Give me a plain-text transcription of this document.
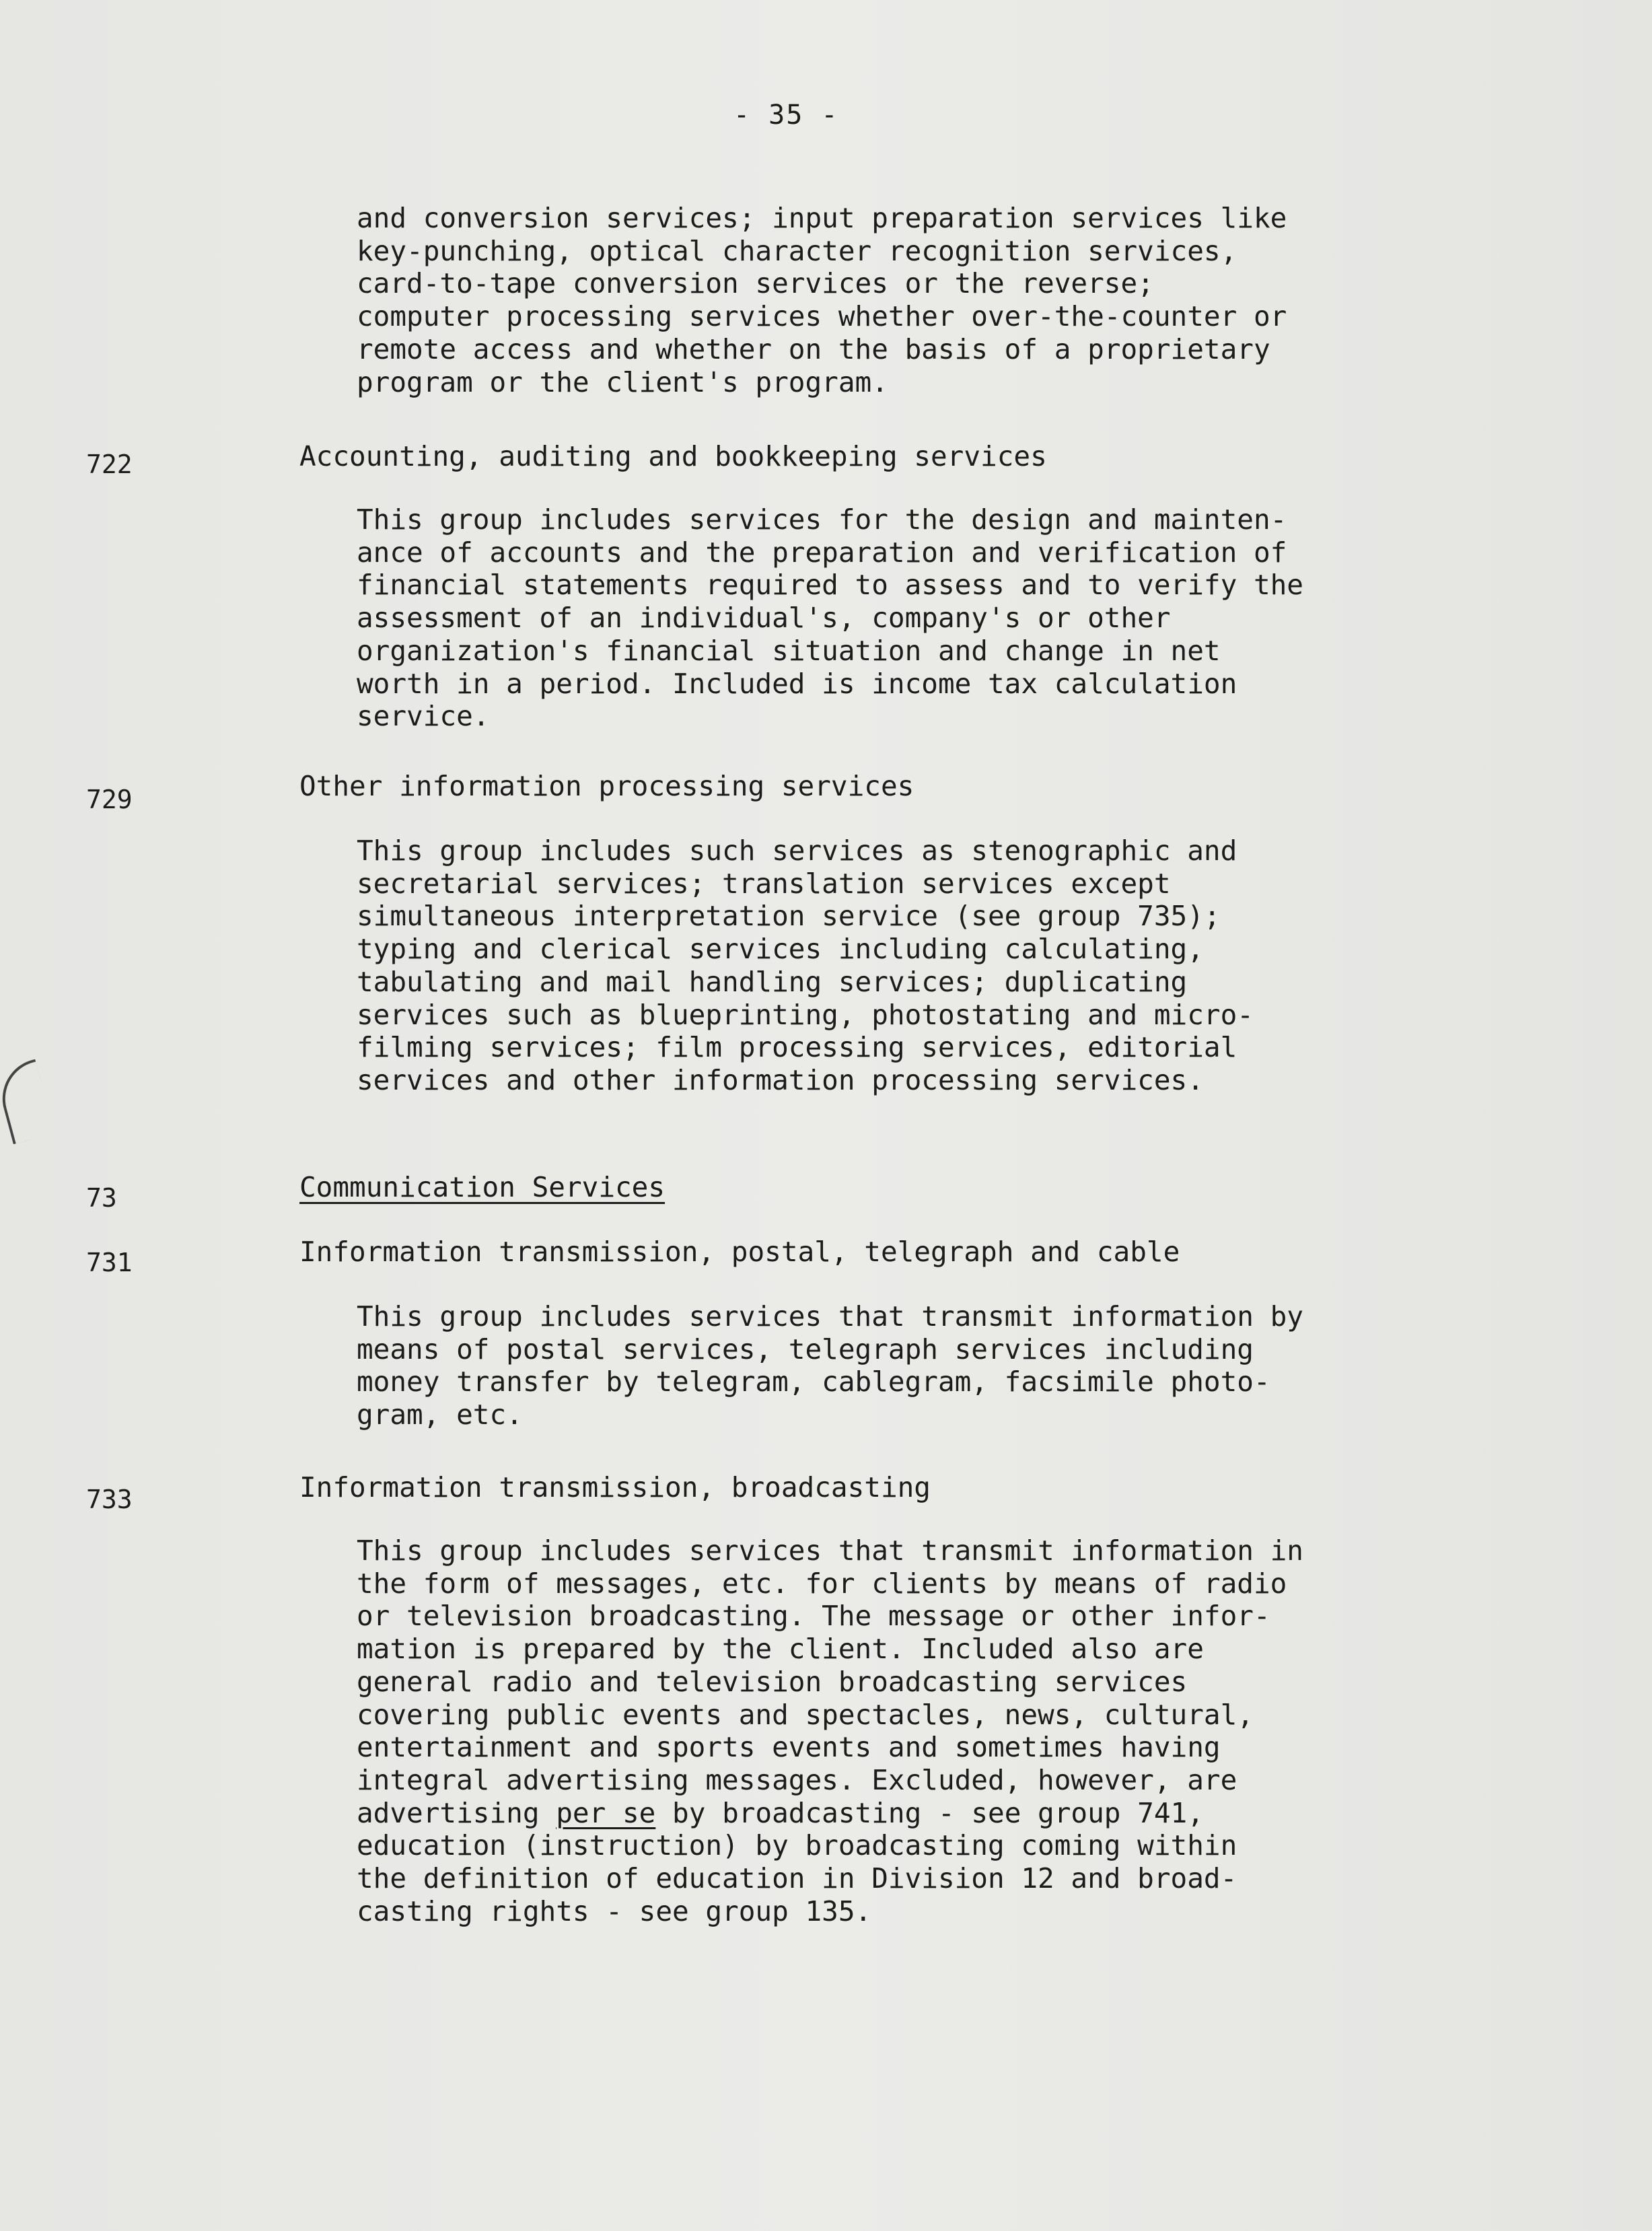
- 35 -
and conversion services; input preparation services like
key-punching, optical character recognition services,
card-to-tape conversion services or the reverse;
computer processing services whether over-the-counter or
remote access and whether on the basis of a proprietary
program or the client's program.
722	Accounting, auditing and bookkeeping services
This group includes services for the design and mainten-
ance of accounts and the preparation and verification of
financial statements required to assess and to verify the
assessment of an individual's, company's or other
organization's financial situation and change in net
worth in a period. Included is income tax calculation
service.
729	Other information processing services
This group includes such services as stenographic and
secretarial services; translation services except
simultaneous interpretation service (see group 735);
typing and clerical services including calculating,
tabulating and mail handling services; duplicating
services such as blueprinting, photostating and micro-
filming services; film processing services, editorial
services and other information processing services.
73	Communication Services
731	Information transmission, postal, telegraph and cable
This group includes services that transmit information by
means of postal services, telegraph services including
money transfer by telegram, cablegram, facsimile photo-
gram, etc.
733	Information transmission, broadcasting
This group includes services that transmit information in
the form of messages, etc. for clients by means of radio
or television broadcasting. The message or other infor-
mation is prepared by the client. Included also are
general radio and television broadcasting services
covering public events and spectacles, news, cultural,
entertainment and sports events and sometimes having
integral advertising messages. Excluded, however, are
advertising per se by broadcasting - see group 741,
education (instruction) by broadcasting coming within
the definition of education in Division 12 and broad-
casting rights - see group 135.
